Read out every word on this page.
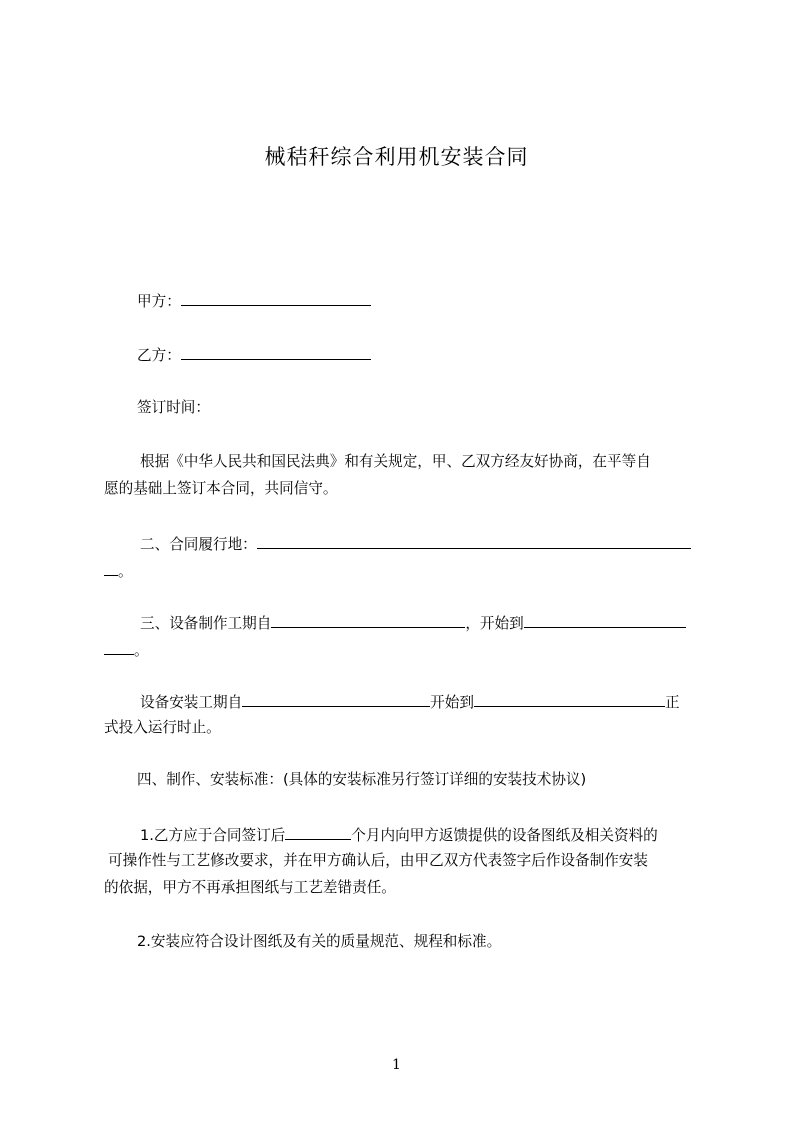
械秸秆综合利用机安装合同
甲方：
乙方：
签订时间：
根据《中华人民共和国民法典》和有关规定，甲、乙双方经友好协商，在平等自
愿的基础上签订本合同，共同信守。
二、合同履行地：
。
三、设备制作工期自	，开始到
。
设备安装工期自	开始到	正
式投入运行时止。
四、制作、安装标准：(具体的安装标准另行签订详细的安装技术协议)
1.乙方应于合同签订后	个月内向甲方返馈提供的设备图纸及相关资料的
可操作性与工艺修改要求，并在甲方确认后，由甲乙双方代表签字后作设备制作安装
的依据，甲方不再承担图纸与工艺差错责任。
2.安装应符合设计图纸及有关的质量规范、规程和标准。
1
